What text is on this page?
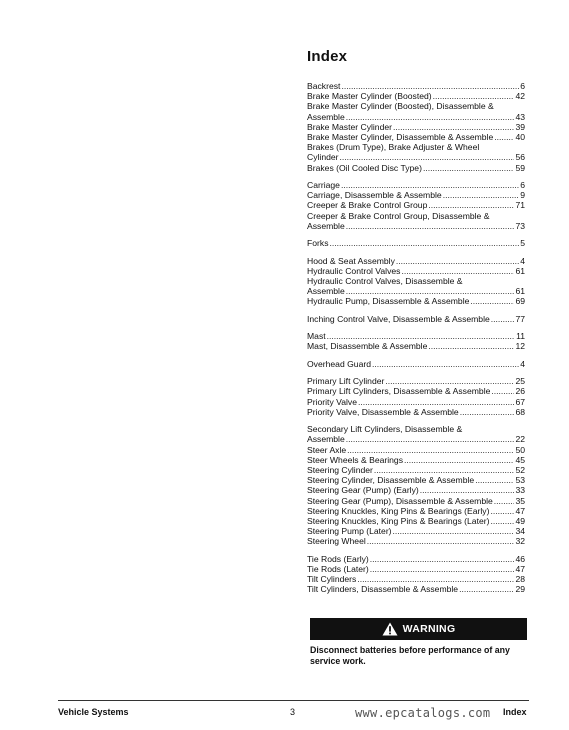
Index
Backrest . . .	6
Brake Master Cylinder (Boosted) . . .	42
Brake Master Cylinder (Boosted), Disassemble &
Assemble . . .	43
Brake Master Cylinder . . .	39
Brake Master Cylinder, Disassemble & Assemble . . .	40
Brakes (Drum Type), Brake Adjuster & Wheel
Cylinder . . .	56
Brakes (Oil Cooled Disc Type) . . .	59
Carriage . . .	6
Carriage, Disassemble & Assemble . . .	9
Creeper & Brake Control Group . . .	71
Creeper & Brake Control Group, Disassemble &
Assemble . . .	73
Forks . . .	5
Hood & Seat Assembly . . .	4
Hydraulic Control Valves . . .	61
Hydraulic Control Valves, Disassemble &
Assemble . . .	61
Hydraulic Pump, Disassemble & Assemble . . .	69
Inching Control Valve, Disassemble & Assemble . . .	77
Mast . . .	11
Mast, Disassemble & Assemble . . .	12
Overhead Guard . . .	4
Primary Lift Cylinder . . .	25
Primary Lift Cylinders, Disassemble & Assemble . . .	26
Priority Valve . . .	67
Priority Valve, Disassemble & Assemble . . .	68
Secondary Lift Cylinders, Disassemble &
Assemble . . .	22
Steer Axle . . .	50
Steer Wheels & Bearings . . .	45
Steering Cylinder . . .	52
Steering Cylinder, Disassemble & Assemble . . .	53
Steering Gear (Pump) (Early) . . .	33
Steering Gear (Pump), Disassemble & Assemble . . .	35
Steering Knuckles, King Pins & Bearings (Early) . . .	47
Steering Knuckles, King Pins & Bearings (Later) . . .	49
Steering Pump (Later) . . .	34
Steering Wheel . . .	32
Tie Rods (Early) . . .	46
Tie Rods (Later) . . .	47
Tilt Cylinders . . .	28
Tilt Cylinders, Disassemble & Assemble . . .	29
WARNING
Disconnect batteries before performance of any service work.
Vehicle Systems	3	www.epcatalogs.com Index
